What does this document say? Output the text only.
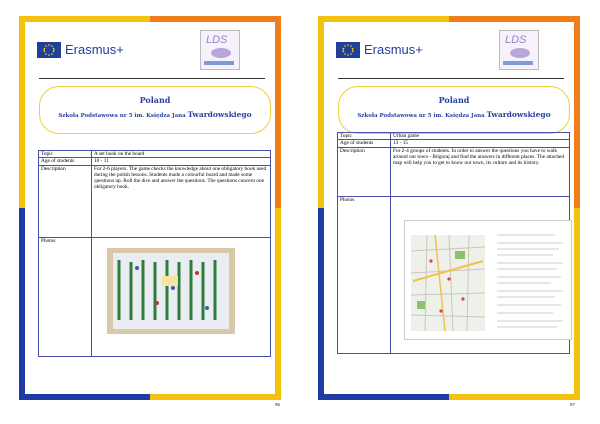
Erasmus+
LDS
Poland
Szkoła Podstawowa nr 5 im. Księdza Jana Twardowskiego
Topic	A set book on the board
Age of students	10 - 11
Description	For 2-6 players. The game checks the knowledge about one obligatory book used during the polish lessons. Students made a colourful board and made some questions up. Roll the dice and answer the questions. The questions concern one obligatory book.
Photos	
96
Erasmus+
LDS
Poland
Szkoła Podstawowa nr 5 im. Księdza Jana Twardowskiego
Topic	Urban game
Age of students	13 - 15
Description	For 2-4 groups of students. In order to answer the questions you have to walk around our town - Bilgoraj and find the answers in different places. The attached map will help you to get to know our town, its culture and its history.
Photos	
97
